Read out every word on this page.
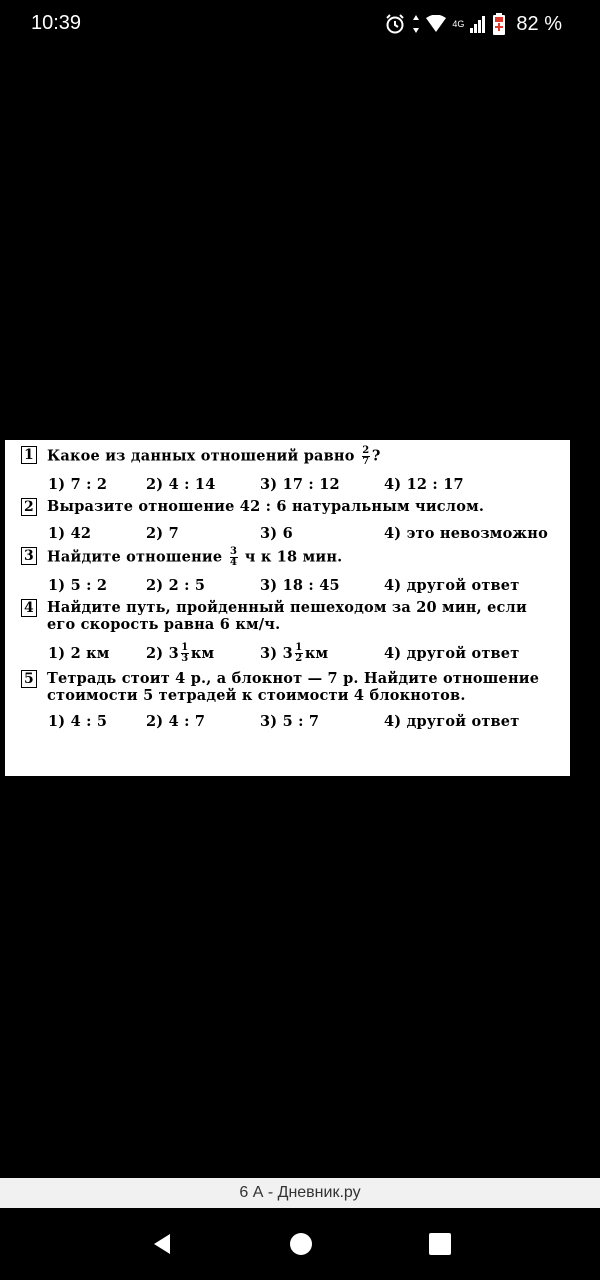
10:39	4G	82 %
1 Какое из данных отношений равно $\frac{2}{7}$ ?
1) 7 : 2	2) 4 : 14	3) 17 : 12	4) 12 : 17
2 Выразите отношение 42 : 6 натуральным числом.
1) 42	2) 7	3) 6	4) это невозможно
3 Найдите отношение $\frac{3}{4}$ ч к 18 мин.
1) 5 : 2	2) 2 : 5	3) 18 : 45	4) другой ответ
4 Найдите путь, пройденный пешеходом за 20 мин, если его скорость равна 6 км/ч.
1) 2 км	2) $3 \frac{1}{3}$ км	3) $3 \frac{1}{2}$ км	4) другой ответ
5 Тетрадь стоит 4 р., а блокнот — 7 р. Найдите отношение стоимости 5 тетрадей к стоимости 4 блокнотов.
1) 4 : 5	2) 4 : 7	3) 5 : 7	4) другой ответ
6 А - Дневник.ру
